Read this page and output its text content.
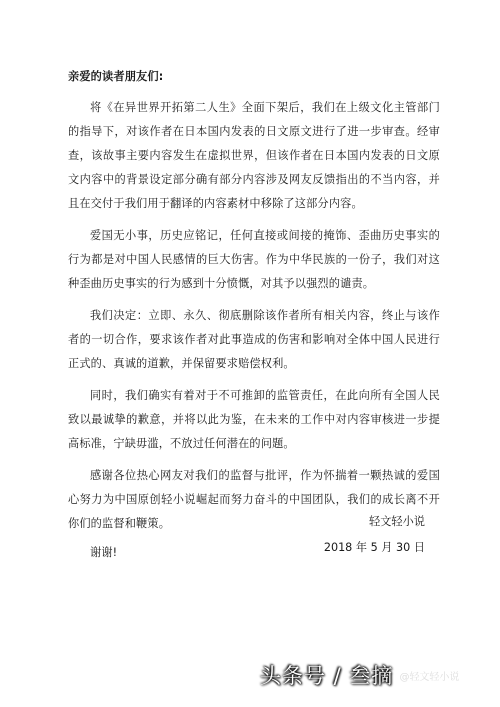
亲爱的读者朋友们:

将《在异世界开拓第二人生》全面下架后，我们在上级文化主管部门的指导下，对该作者在日本国内发表的日文原文进行了进一步审查。经审查，该故事主要内容发生在虚拟世界，但该作者在日本国内发表的日文原文内容中的背景设定部分确有部分内容涉及网友反馈指出的不当内容，并且在交付于我们用于翻译的内容素材中移除了这部分内容。

爱国无小事，历史应铭记，任何直接或间接的掩饰、歪曲历史事实的行为都是对中国人民感情的巨大伤害。作为中华民族的一份子，我们对这种歪曲历史事实的行为感到十分愤慨，对其予以强烈的谴责。

我们决定：立即、永久、彻底删除该作者所有相关内容，终止与该作者的一切合作，要求该作者对此事造成的伤害和影响对全体中国人民进行正式的、真诚的道歉，并保留要求赔偿权利。

同时，我们确实有着对于不可推卸的监管责任，在此向所有全国人民致以最诚挚的歉意，并将以此为鉴，在未来的工作中对内容审核进一步提高标准，宁缺毋滥，不放过任何潜在的问题。

感谢各位热心网友对我们的监督与批评，作为怀揣着一颗热诚的爱国心努力为中国原创轻小说崛起而努力奋斗的中国团队，我们的成长离不开你们的监督和鞭策。

谢谢!

轻文轻小说
2018 年 5 月 30 日
头条号 / 叁摘 @轻文轻小说
